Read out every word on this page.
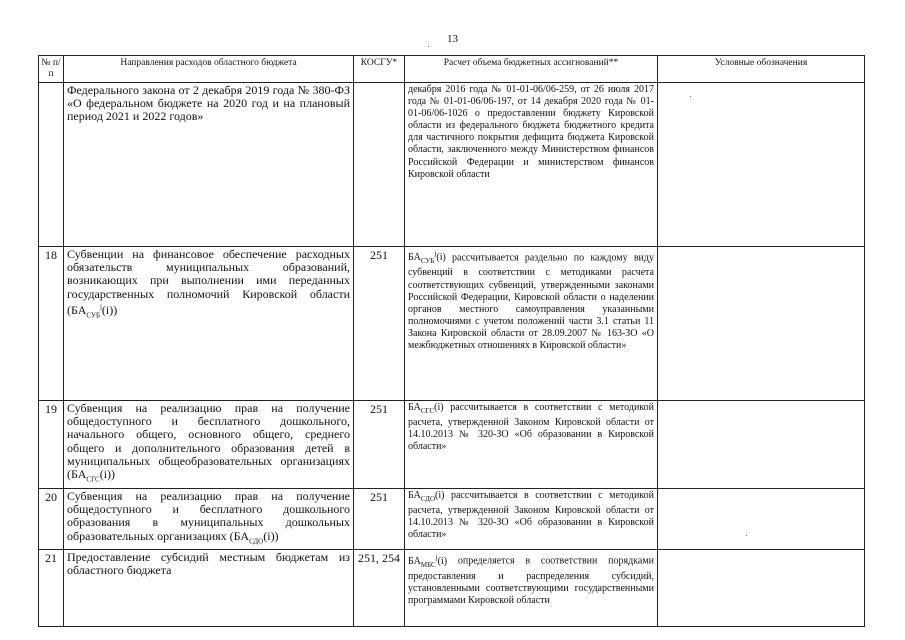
13
№ п/п	Направления расходов областного бюджета	КОСГУ*	Расчет объема бюджетных ассигнований**	Условные обозначения
	Федерального закона от 2 декабря 2019 года № 380-ФЗ «О федеральном бюджете на 2020 год и на плановый период 2021 и 2022 годов»		декабря 2016 года № 01-01-06/06-259, от 26 июля 2017 года № 01-01-06/06-197, от 14 декабря 2020 года № 01-01-06/06-1026 о предоставлении бюджету Кировской области из федерального бюджета бюджетного кредита для частичного покрытия дефицита бюджета Кировской области, заключенного между Министерством финансов Российской Федерации и министерством финансов Кировской области	
18	Субвенции на финансовое обеспечение расходных обязательств муниципальных образований, возникающих при выполнении ими переданных государственных полномочий Кировской области $(БА_{СУБ}^j(i))$	251	$БА_{СУБ}^j(i)$ рассчитывается раздельно по каждому виду субвенций в соответствии с методиками расчета соответствующих субвенций, утвержденными законами Российской Федерации, Кировской области о наделении органов местного самоуправления указанными полномочиями с учетом положений части 3.1 статьи 11 Закона Кировской области от 28.09.2007 № 163-ЗО «О межбюджетных отношениях в Кировской области»	
19	Субвенция на реализацию прав на получение общедоступного и бесплатного дошкольного, начального общего, основного общего, среднего общего и дополнительного образования детей в муниципальных общеобразовательных организациях $(БА_{СГС}(i))$	251	$БА_{СГС}(i)$ рассчитывается в соответствии с методикой расчета, утвержденной Законом Кировской области от 14.10.2013 № 320-ЗО «Об образовании в Кировской области»	
20	Субвенция на реализацию прав на получение общедоступного и бесплатного дошкольного образования в муниципальных дошкольных образовательных организациях $(БА_{СДО}(i))$	251	$БА_{СДО}(i)$ рассчитывается в соответствии с методикой расчета, утвержденной Законом Кировской области от 14.10.2013 № 320-ЗО «Об образовании в Кировской области»	
21	Предоставление субсидий местным бюджетам из областного бюджета	251, 254	$БА_{МБС}^j(i)$ определяется в соответствии порядками предоставления и распределения субсидий, установленными соответствующими государственными программами Кировской области	
